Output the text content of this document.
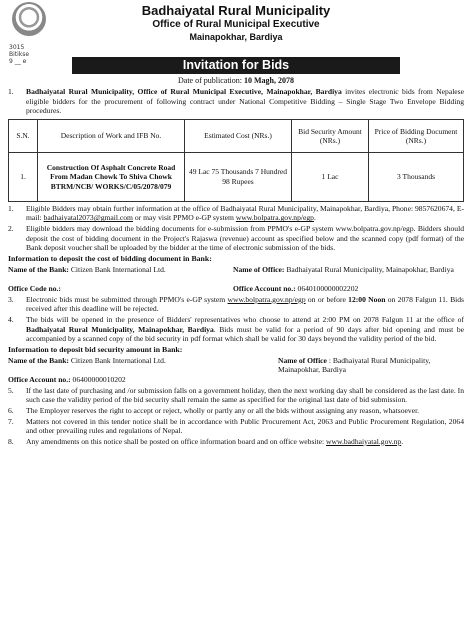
3015
Bitikse
9 __ e
Badhaiyatal Rural Municipality
Office of Rural Municipal Executive
Mainapokhar, Bardiya
Invitation for Bids
Date of publication: 10 Magh, 2078
1. Badhaiyatal Rural Municipality, Office of Rural Municipal Executive, Mainapokhar, Bardiya invites electronic bids from Nepalese eligible bidders for the procurement of following contract under National Competitive Bidding – Single Stage Two Envelope Bidding procedures.
S.N.	Description of Work and IFB No.	Estimated Cost (NRs.)	Bid Security Amount (NRs.)	Price of Bidding Document (NRs.)
1.	Construction Of Asphalt Concrete Road From Madan Chowk To Shiva Chowk BTRM/NCB/ WORKS/C/05/2078/079	49 Lac 75 Thousands 7 Hundred 98 Rupees	1 Lac	3 Thousands
1. Eligible Bidders may obtain further information at the office of Badhaiyatal Rural Municipality, Mainapokhar, Bardiya, Phone: 9857620674, E-mail: badhaiyatal2073@gmail.com or may visit PPMO e-GP system www.bolpatra.gov.np/egp.
2. Eligible bidders may download the bidding documents for e-submission from PPMO's e-GP system www.bolpatra.gov.np/egp. Bidders should deposit the cost of bidding document in the Project's Rajaswa (revenue) account as specified below and the scanned copy (pdf format) of the Bank deposit voucher shall be uploaded by the bidder at the time of electronic submission of the bids.
Information to deposit the cost of bidding document in Bank:
Name of the Bank: Citizen Bank International Ltd.	Name of Office: Badhaiyatal Rural Municipality, Mainapokhar, Bardiya
Office Code no.:	Office Account no.: 0640100000002202
3. Electronic bids must be submitted through PPMO's e-GP system www.bolpatra.gov.np/egp on or before 12:00 Noon on 2078 Falgun 11. Bids received after this deadline will be rejected.
4. The bids will be opened in the presence of Bidders' representatives who choose to attend at 2:00 PM on 2078 Falgun 11 at the office of Badhaiyatal Rural Municipality, Mainapokhar, Bardiya. Bids must be valid for a period of 90 days after bid opening and must be accompanied by a scanned copy of the bid security in pdf format which shall be valid for 30 days beyond the validity period of the bid.
Information to deposit bid security amount in Bank:
Name of the Bank: Citizen Bank International Ltd.	Name of Office : Badhaiyatal Rural Municipality, Mainapokhar, Bardiya
Office Account no.: 06400000010202
5. If the last date of purchasing and /or submission falls on a government holiday, then the next working day shall be considered as the last date. In such case the validity period of the bid security shall remain the same as specified for the original last date of bid submission.
6. The Employer reserves the right to accept or reject, wholly or partly any or all the bids without assigning any reason, whatsoever.
7. Matters not covered in this tender notice shall be in accordance with Public Procurement Act, 2063 and Public Procurement Regulation, 2064 and other prevailing rules and regulations of Nepal.
8. Any amendments on this notice shall be posted on office information board and on office website: www.badhaiyatal.gov.np.
